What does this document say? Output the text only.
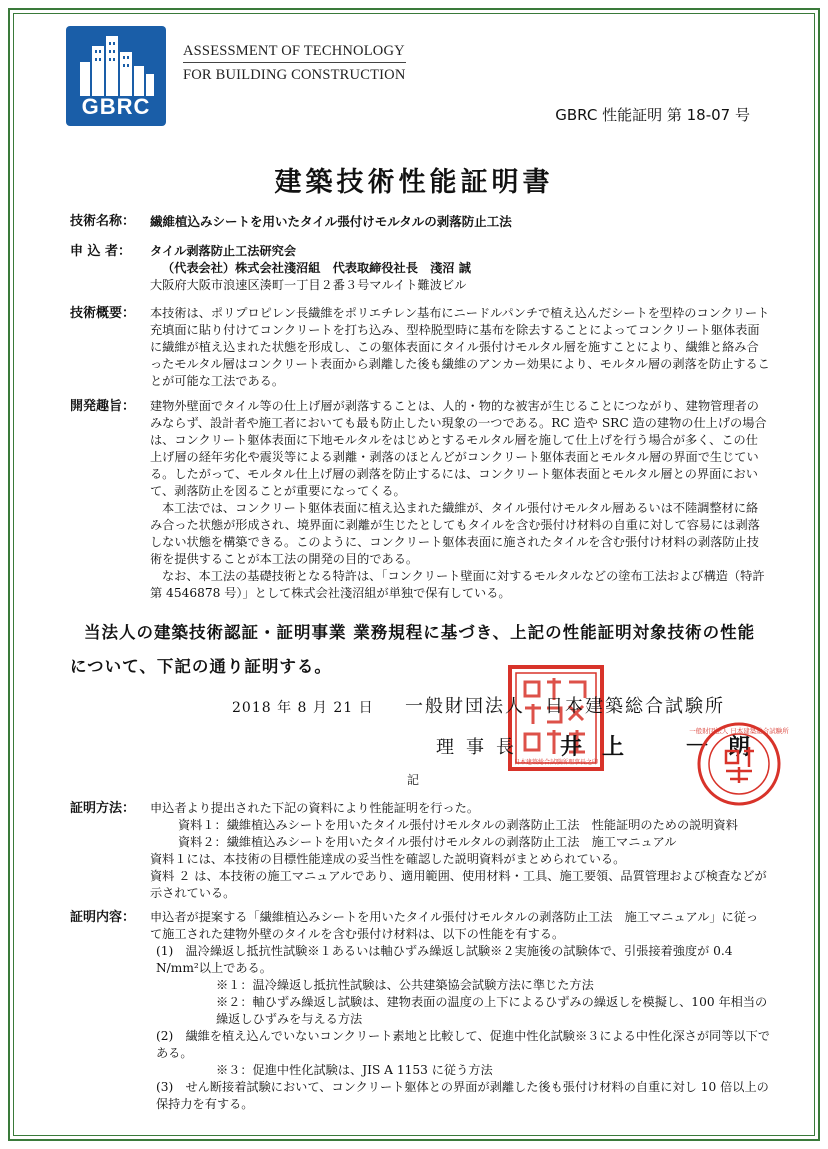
GBRC
ASSESSMENT OF TECHNOLOGY
FOR BUILDING CONSTRUCTION
GBRC 性能証明 第 18-07 号
建築技術性能証明書
技術名称：	繊維植込みシートを用いたタイル張付けモルタルの剥落防止工法
申 込 者：	タイル剥落防止工法研究会

（代表会社）株式会社淺沼組　代表取締役社長　淺沼 誠

大阪府大阪市浪速区湊町一丁目２番３号マルイト難波ビル

技術概要：	本技術は、ポリプロピレン長繊維をポリエチレン基布にニードルパンチで植え込んだシートを型枠のコンクリート充填面に貼り付けてコンクリートを打ち込み、型枠脱型時に基布を除去することによってコンクリート躯体表面に繊維が植え込まれた状態を形成し、この躯体表面にタイル張付けモルタル層を施すことにより、繊維と絡み合ったモルタル層はコンクリート表面から剥離した後も繊維のアンカー効果により、モルタル層の剥落を防止することが可能な工法である。

開発趣旨：	建物外壁面でタイル等の仕上げ層が剥落することは、人的・物的な被害が生じることにつながり、建物管理者のみならず、設計者や施工者においても最も防止したい現象の一つである。RC 造や SRC 造の建物の仕上げの場合は、コンクリート躯体表面に下地モルタルをはじめとするモルタル層を施して仕上げを行う場合が多く、この仕上げ層の経年劣化や震災等による剥離・剥落のほとんどがコンクリート躯体表面とモルタル層の界面で生じている。したがって、モルタル仕上げ層の剥落を防止するには、コンクリート躯体表面とモルタル層との界面において、剥落防止を図ることが重要になってくる。

本工法では、コンクリート躯体表面に植え込まれた繊維が、タイル張付けモルタル層あるいは不陸調整材に絡み合った状態が形成され、境界面に剥離が生じたとしてもタイルを含む張付け材料の自重に対して容易には剥落しない状態を構築できる。このように、コンクリート躯体表面に施されたタイルを含む張付け材料の剥落防止技術を提供することが本工法の開発の目的である。

なお、本工法の基礎技術となる特許は、「コンクリート壁面に対するモルタルなどの塗布工法および構造（特許第 4546878 号）」として株式会社淺沼組が単独で保有している。

当法人の建築技術認証・証明事業 業務規程に基づき、上記の性能証明対象技術の性能について、下記の通り証明する。
2018 年 8 月 21 日
日本建築総合試験所理事長之印
一般財団法人　日本建築総合試験所
理事長 井上　一朗
一般財団法人 日本建築総合試験所
記
証明方法：	申込者より提出された下記の資料により性能証明を行った。

資料１：繊維植込みシートを用いたタイル張付けモルタルの剥落防止工法　性能証明のための説明資料

資料２：繊維植込みシートを用いたタイル張付けモルタルの剥落防止工法　施工マニュアル

資料１には、本技術の目標性能達成の妥当性を確認した説明資料がまとめられている。

資料 ２ は、本技術の施工マニュアルであり、適用範囲、使用材料・工具、施工要領、品質管理および検査などが示されている。

証明内容：	申込者が提案する「繊維植込みシートを用いたタイル張付けモルタルの剥落防止工法　施工マニュアル」に従って施工された建物外壁のタイルを含む張付け材料は、以下の性能を有する。

(1)　温冷繰返し抵抗性試験※１あるいは軸ひずみ繰返し試験※２実施後の試験体で、引張接着強度が 0.4 N/mm²以上である。

※１：温冷繰返し抵抗性試験は、公共建築協会試験方法に準じた方法

※２：軸ひずみ繰返し試験は、建物表面の温度の上下によるひずみの繰返しを模擬し、100 年相当の繰返しひずみを与える方法

(2)　繊維を植え込んでいないコンクリート素地と比較して、促進中性化試験※３による中性化深さが同等以下である。

※３：促進中性化試験は、JIS A 1153 に従う方法

(3)　せん断接着試験において、コンクリート躯体との界面が剥離した後も張付け材料の自重に対し 10 倍以上の保持力を有する。
